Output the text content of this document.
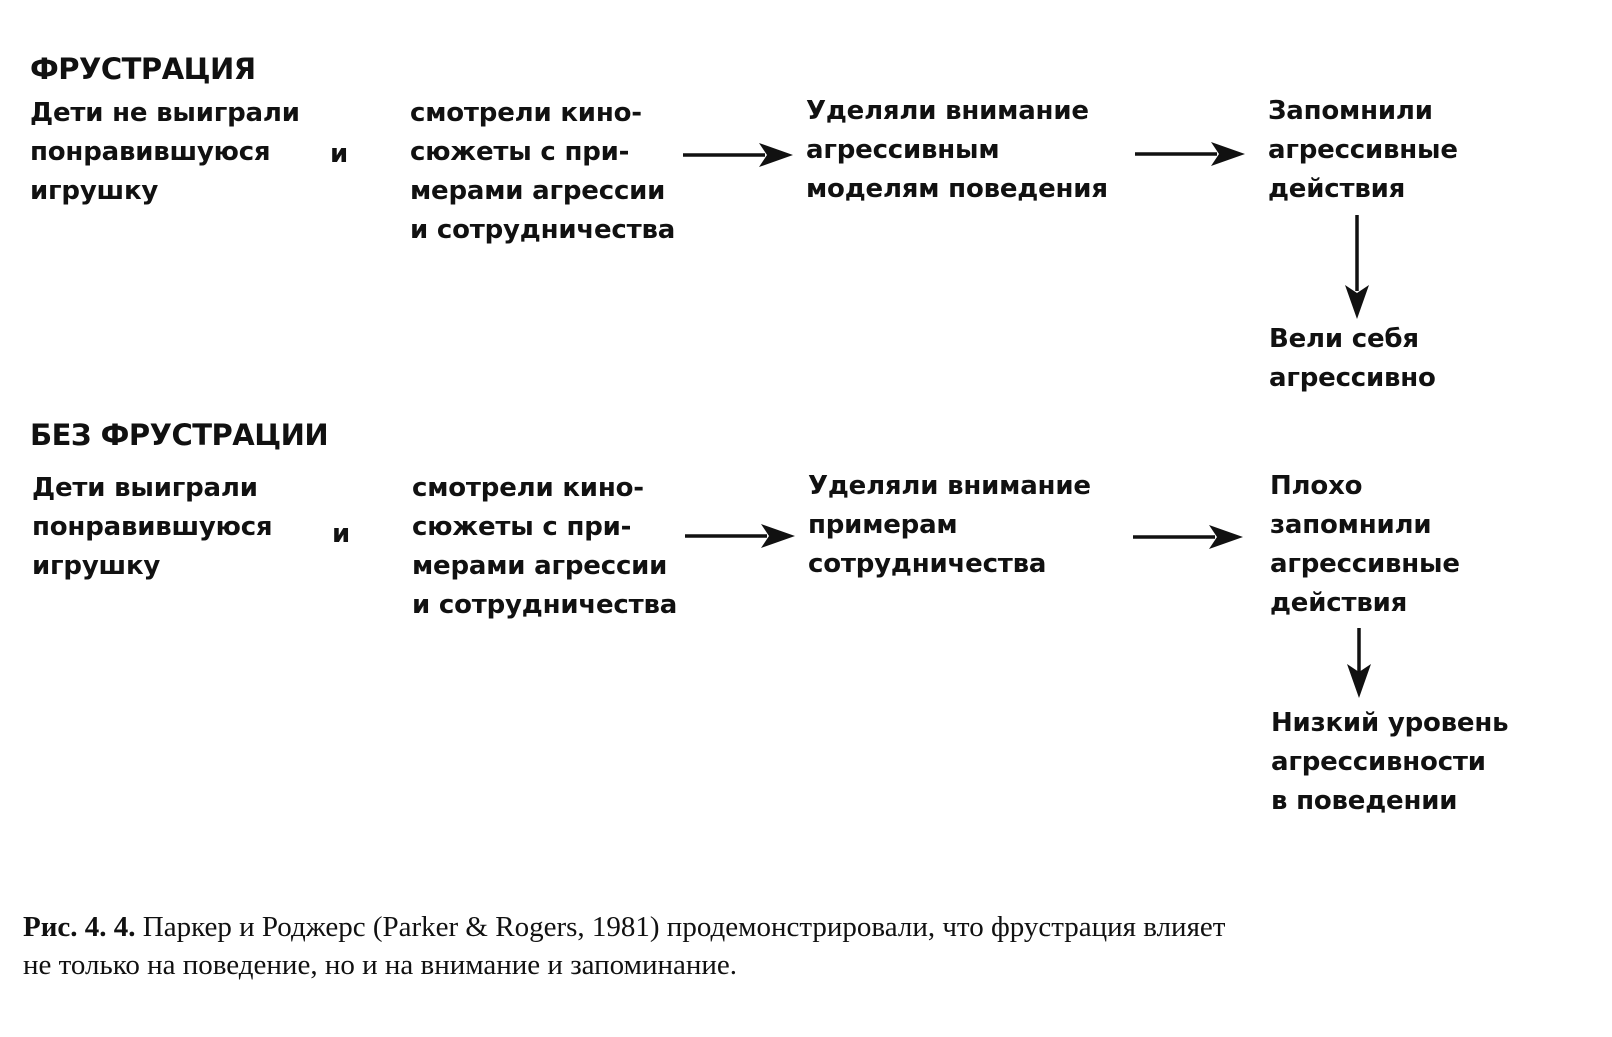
ФРУСТРАЦИЯ
Дети не выиграли
понравившуюся
игрушку
и
смотрели кино-
сюжеты с при-
мерами агрессии
и сотрудничества
Уделяли внимание
агрессивным
моделям поведения
Запомнили
агрессивные
действия
Вели себя
агрессивно
БЕЗ ФРУСТРАЦИИ
Дети выиграли
понравившуюся
игрушку
и
смотрели кино-
сюжеты с при-
мерами агрессии
и сотрудничества
Уделяли внимание
примерам
сотрудничества
Плохо
запомнили
агрессивные
действия
Низкий уровень
агрессивности
в поведении
Рис. 4. 4. Паркер и Роджерс (Parker & Rogers, 1981) продемонстрировали, что фрустрация влияет
не только на поведение, но и на внимание и запоминание.
